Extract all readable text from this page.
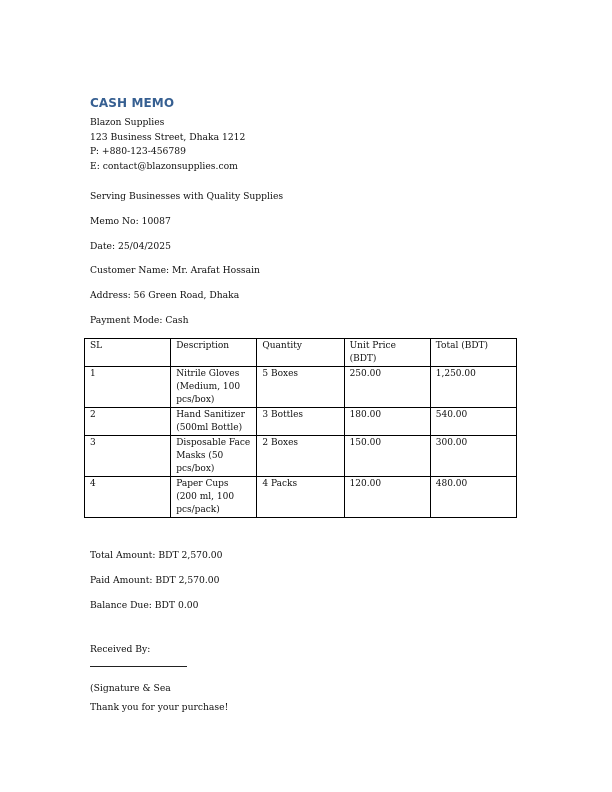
CASH MEMO
Blazon Supplies
123 Business Street, Dhaka 1212
P: +880-123-456789
E: contact@blazonsupplies.com
Serving Businesses with Quality Supplies
Memo No: 10087
Date: 25/04/2025
Customer Name: Mr. Arafat Hossain
Address: 56 Green Road, Dhaka
Payment Mode: Cash
SL	Description	Quantity	Unit Price (BDT)	Total (BDT)
1	Nitrile Gloves (Medium, 100 pcs/box)	5 Boxes	250.00	1,250.00
2	Hand Sanitizer (500ml Bottle)	3 Bottles	180.00	540.00
3	Disposable Face Masks (50 pcs/box)	2 Boxes	150.00	300.00
4	Paper Cups (200 ml, 100 pcs/pack)	4 Packs	120.00	480.00
Total Amount: BDT 2,570.00
Paid Amount: BDT 2,570.00
Balance Due: BDT 0.00
Received By:
(Signature & Sea
Thank you for your purchase!
